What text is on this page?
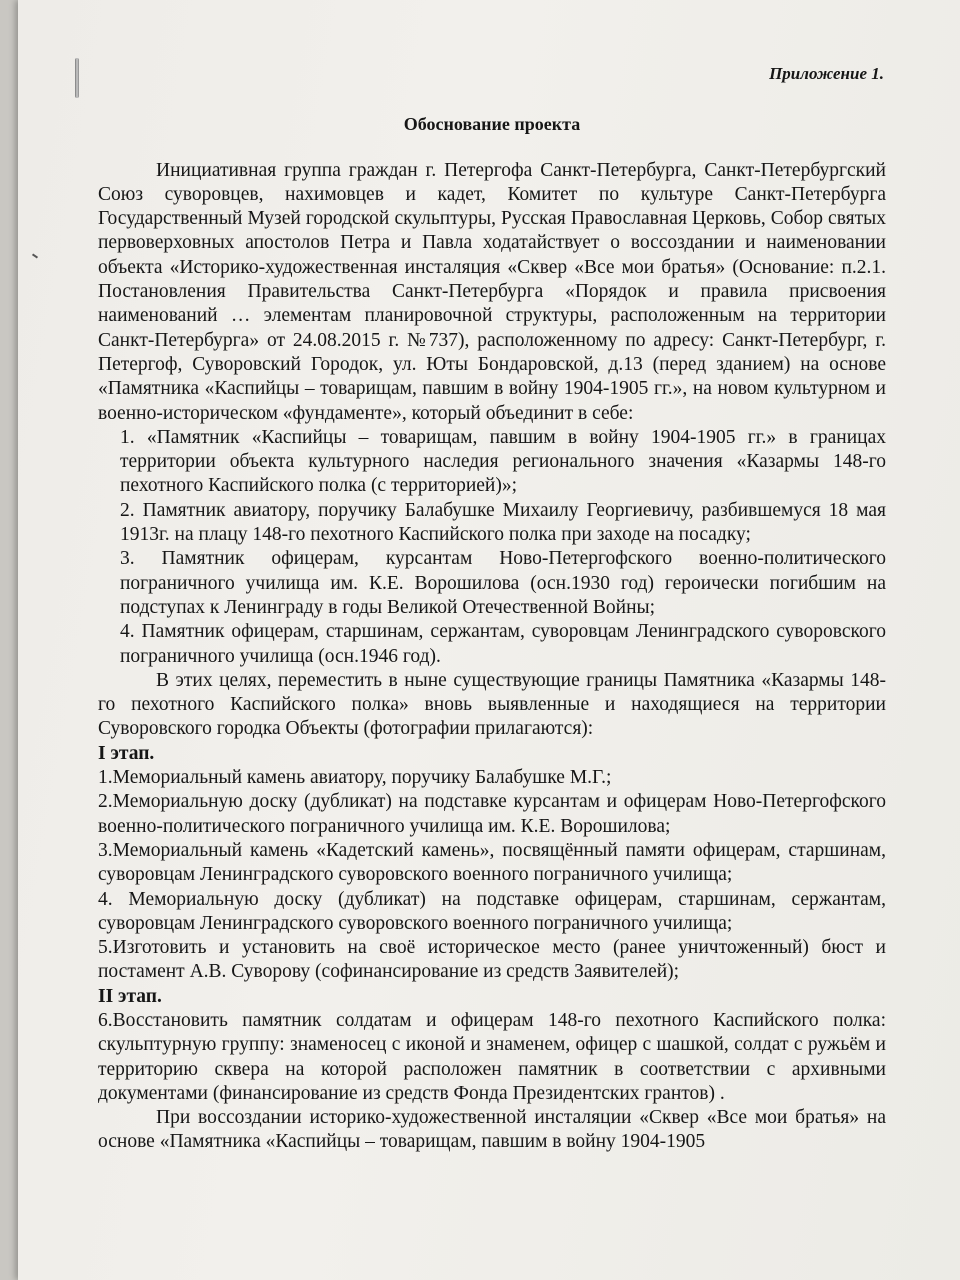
Приложение 1.
Обоснование проекта

Инициативная группа граждан г. Петергофа Санкт-Петербурга, Санкт-Петербургский Союз суворовцев, нахимовцев и кадет, Комитет по культуре Санкт-Петербурга Государственный Музей городской скульптуры, Русская Православная Церковь, Собор святых первоверховных апостолов Петра и Павла ходатайствует о воссоздании и наименовании объекта «Историко-художественная инсталяция «Сквер «Все мои братья» (Основание: п.2.1. Постановления Правительства Санкт-Петербурга «Порядок и правила присвоения наименований … элементам планировочной структуры, расположенным на территории Санкт-Петербурга» от 24.08.2015 г. №737), расположенному по адресу: Санкт-Петербург, г. Петергоф, Суворовский Городок, ул. Юты Бондаровской, д.13 (перед зданием) на основе «Памятника «Каспийцы – товарищам, павшим в войну 1904-1905 гг.», на новом культурном и военно-историческом «фундаменте», который объединит в себе:

1. «Памятник «Каспийцы – товарищам, павшим в войну 1904-1905 гг.» в границах территории объекта культурного наследия регионального значения «Казармы 148-го пехотного Каспийского полка (с территорией)»;
2. Памятник авиатору, поручику Балабушке Михаилу Георгиевичу, разбившемуся 18 мая 1913г. на плацу 148-го пехотного Каспийского полка при заходе на посадку;
3. Памятник офицерам, курсантам Ново-Петергофского военно-политического пограничного училища им. К.Е. Ворошилова (осн.1930 год) героически погибшим на подступах к Ленинграду в годы Великой Отечественной Войны;
4. Памятник офицерам, старшинам, сержантам, суворовцам Ленинградского суворовского пограничного училища (осн.1946 год).

В этих целях, переместить в ныне существующие границы Памятника «Казармы 148-го пехотного Каспийского полка» вновь выявленные и находящиеся на территории Суворовского городка Объекты (фотографии прилагаются):

I этап.

1.Мемориальный камень авиатору, поручику Балабушке М.Г.;

2.Мемориальную доску (дубликат) на подставке курсантам и офицерам Ново-Петергофского военно-политического пограничного училища им. К.Е. Ворошилова;

3.Мемориальный камень «Кадетский камень», посвящённый памяти офицерам, старшинам, суворовцам Ленинградского суворовского военного пограничного училища;

4. Мемориальную доску (дубликат) на подставке офицерам, старшинам, сержантам, суворовцам Ленинградского суворовского военного пограничного училища;

5.Изготовить и установить на своё историческое место (ранее уничтоженный) бюст и постамент А.В. Суворову (софинансирование из средств Заявителей);

II этап.

6.Восстановить памятник солдатам и офицерам 148-го пехотного Каспийского полка: скульптурную группу: знаменосец с иконой и знаменем, офицер с шашкой, солдат с ружьём и территорию сквера на которой расположен памятник в соответствии с архивными документами (финансирование из средств Фонда Президентских грантов) .

При воссоздании историко-художественной инсталяции «Сквер «Все мои братья» на основе «Памятника «Каспийцы – товарищам, павшим в войну 1904-1905
